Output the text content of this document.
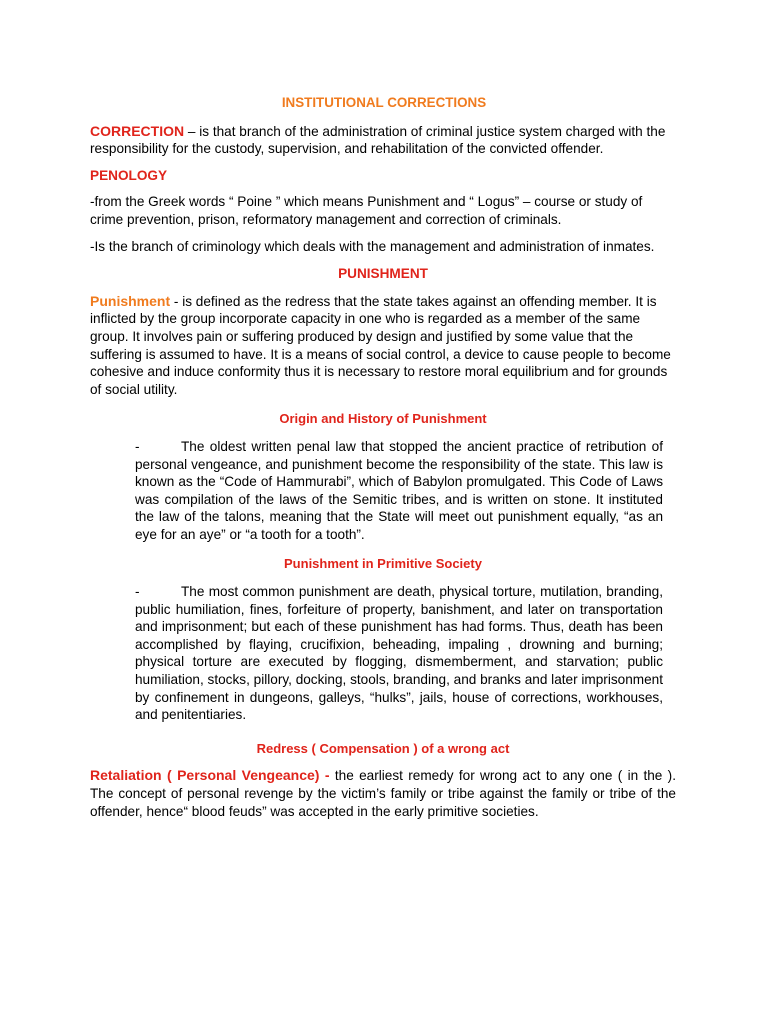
INSTITUTIONAL CORRECTIONS

CORRECTION – is that branch of the administration of criminal justice system charged with the responsibility for the custody, supervision, and rehabilitation of the convicted offender.

PENOLOGY

-from the Greek words “ Poine ” which means Punishment and “ Logus” – course or study of crime prevention, prison, reformatory management and correction of criminals.

-Is the branch of criminology which deals with the management and administration of inmates.

PUNISHMENT

Punishment - is defined as the redress that the state takes against an offending member. It is inflicted by the group incorporate capacity in one who is regarded as a member of the same group. It involves pain or suffering produced by design and justified by some value that the suffering is assumed to have. It is a means of social control, a device to cause people to become cohesive and induce conformity thus it is necessary to restore moral equilibrium and for grounds of social utility.

Origin and History of Punishment

-	The oldest written penal law that stopped the ancient practice of retribution of personal vengeance, and punishment become the responsibility of the state. This law is known as the “Code of Hammurabi”, which of Babylon promulgated. This Code of Laws was compilation of the laws of the Semitic tribes, and is written on stone. It instituted the law of the talons, meaning that the State will meet out punishment equally, “as an eye for an aye” or “a tooth for a tooth”.

Punishment in Primitive Society

-	The most common punishment are death, physical torture, mutilation, branding, public humiliation, fines, forfeiture of property, banishment, and later on transportation and imprisonment; but each of these punishment has had forms. Thus, death has been accomplished by flaying, crucifixion, beheading, impaling , drowning and burning; physical torture are executed by flogging, dismemberment, and starvation; public humiliation, stocks, pillory, docking, stools, branding, and branks and later imprisonment by confinement in dungeons, galleys, “hulks”, jails, house of corrections, workhouses, and penitentiaries.

Redress ( Compensation ) of a wrong act

Retaliation ( Personal Vengeance) - the earliest remedy for wrong act to any one ( in the ). The concept of personal revenge by the victim’s family or tribe against the family or tribe of the offender, hence“ blood feuds” was accepted in the early primitive societies.
